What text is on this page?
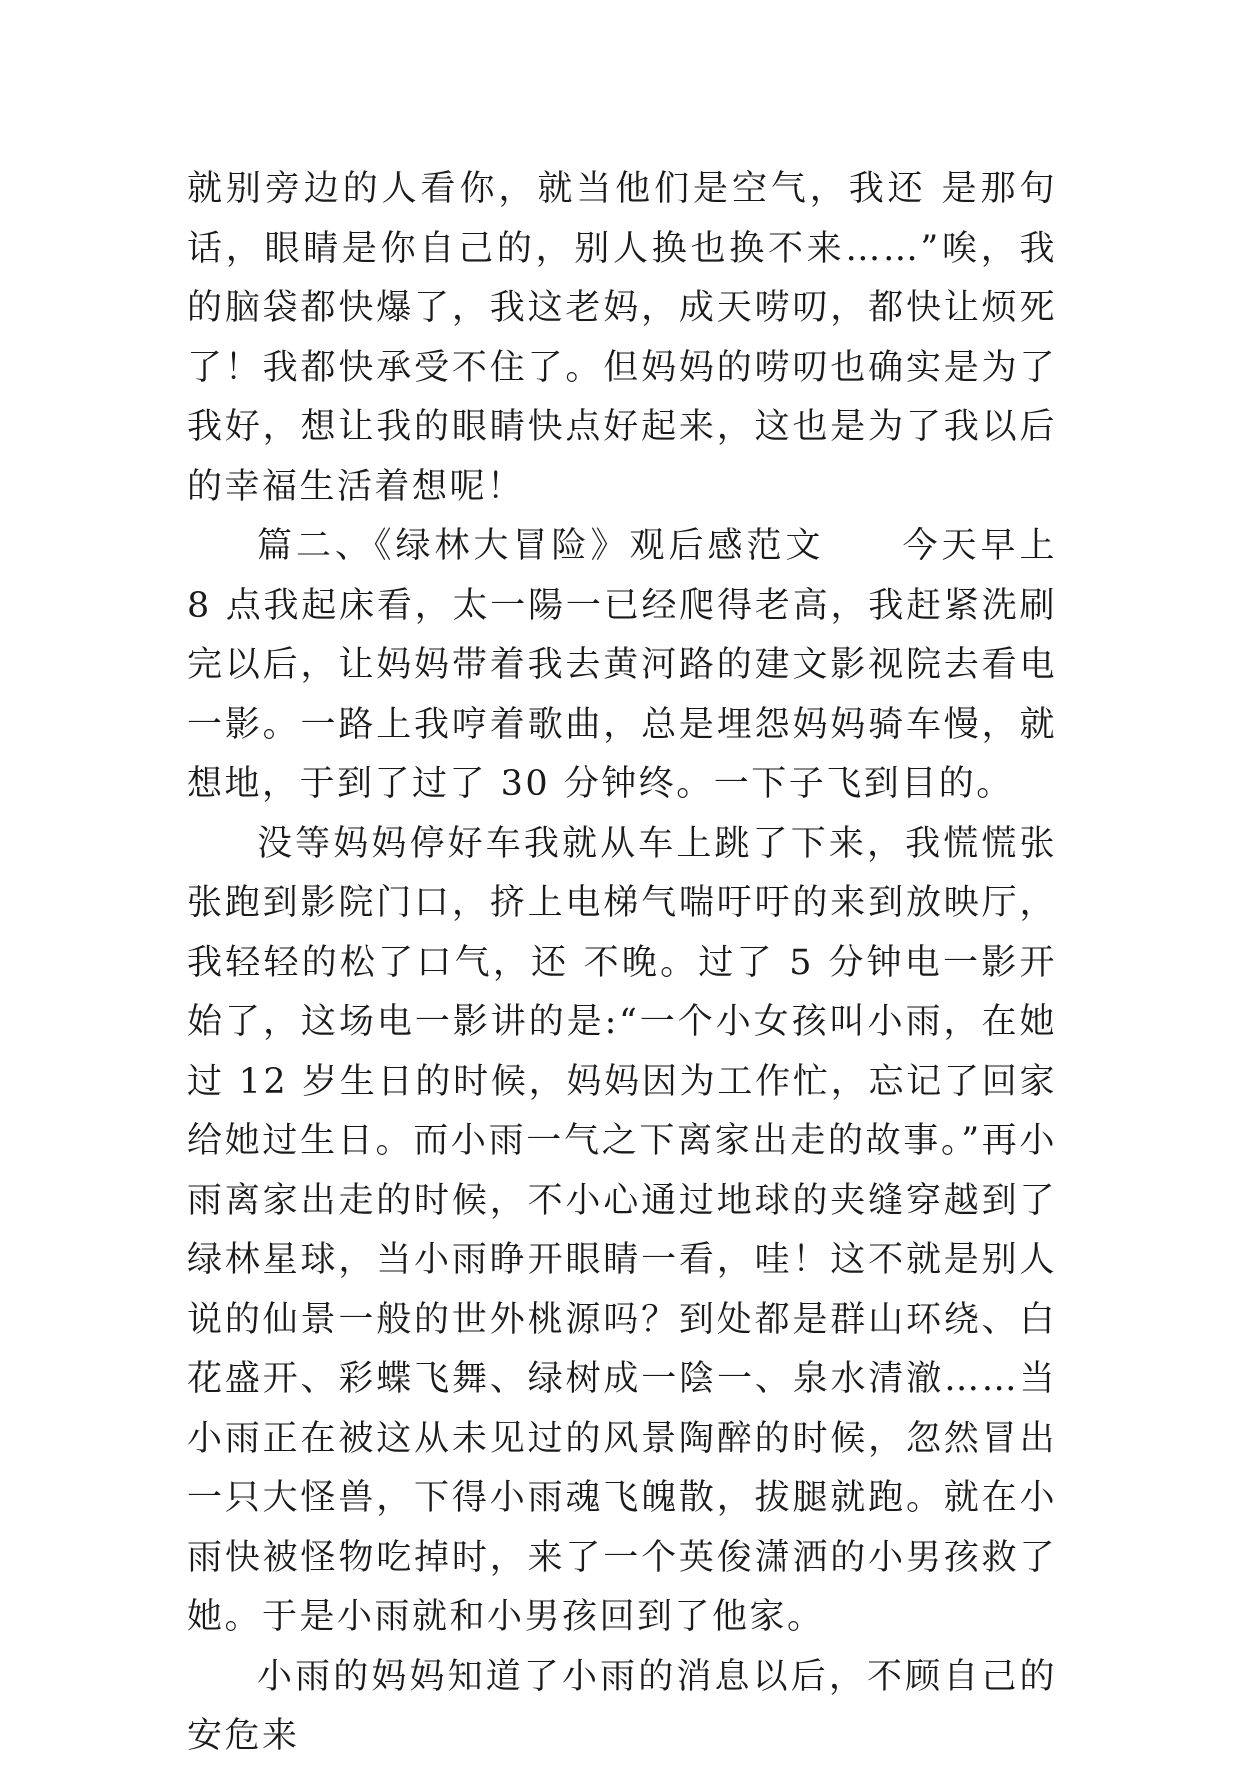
就别旁边的人看你，就当他们是空气，我还 是那句话，眼睛是你自己的，别人换也换不来……”唉，我的脑袋都快爆了，我这老妈，成天唠叨，都快让烦死了！我都快承受不住了。但妈妈的唠叨也确实是为了我好，想让我的眼睛快点好起来，这也是为了我以后的幸福生活着想呢！

篇二、《绿林大冒险》观后感范文　　今天早上 8 点我起床看，太一陽一已经爬得老高，我赶紧洗刷完以后，让妈妈带着我去黄河路的建文影视院去看电一影。一路上我哼着歌曲，总是埋怨妈妈骑车慢，就想地，于到了过了 30 分钟终。一下子飞到目的。

没等妈妈停好车我就从车上跳了下来，我慌慌张张跑到影院门口，挤上电梯气喘吁吁的来到放映厅，我轻轻的松了口气，还 不晚。过了 5 分钟电一影开始了，这场电一影讲的是:“一个小女孩叫小雨，在她过 12 岁生日的时候，妈妈因为工作忙，忘记了回家给她过生日。而小雨一气之下离家出走的故事。”再小雨离家出走的时候，不小心通过地球的夹缝穿越到了绿林星球，当小雨睁开眼睛一看，哇！这不就是别人说的仙景一般的世外桃源吗？到处都是群山环绕、白花盛开、彩蝶飞舞、绿树成一陰一、泉水清澈……当小雨正在被这从未见过的风景陶醉的时候，忽然冒出一只大怪兽，下得小雨魂飞魄散，拔腿就跑。就在小雨快被怪物吃掉时，来了一个英俊潇洒的小男孩救了她。于是小雨就和小男孩回到了他家。

小雨的妈妈知道了小雨的消息以后，不顾自己的安危来
